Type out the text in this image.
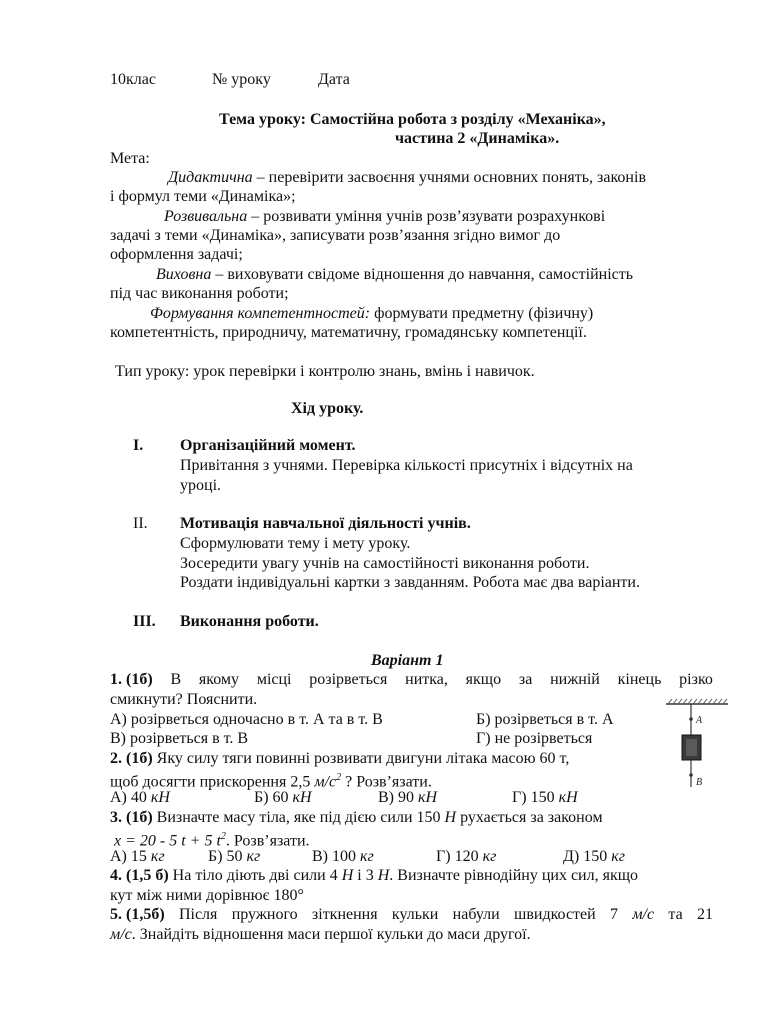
10клас	№ уроку	Дата
Тема уроку: Самостійна робота з розділу «Механіка»,
частина 2 «Динаміка».
Мета:
Дидактична – перевірити засвоєння учнями основних понять, законів
і формул теми «Динаміка»;
Розвивальна – розвивати уміння учнів розв’язувати розрахункові
задачі з теми «Динаміка», записувати розв’язання згідно вимог до
оформлення задачі;
Виховна – виховувати свідоме відношення до навчання, самостійність
під час виконання роботи;
Формування компетентностей: формувати предметну (фізичну)
компетентність, природничу, математичну, громадянську компетенції.
Тип уроку: урок перевірки і контролю знань, вмінь і навичок.
Хід уроку.
I. Організаційний момент.
Привітання з учнями. Перевірка кількості присутніх і відсутніх на
уроці.
II. Мотивація навчальної діяльності учнів.
Сформулювати тему і мету уроку.
Зосередити увагу учнів на самостійності виконання роботи.
Роздати індивідуальні картки з завданням. Робота має два варіанти.
III. Виконання роботи.
Варіант 1
1. (1б) В якому місці розірветься нитка, якщо за нижній кінець різко
смикнути? Пояснити.
А) розірветься одночасно в т. А та в т. В	Б) розірветься в т. А
В) розірветься в т. В	Г) не розірветься
A
B
2. (1б) Яку силу тяги повинні розвивати двигуни літака масою 60 т,
щоб досягти прискорення 2,5 $м/с^2$ ? Розв’язати.
А) 40 кН	Б) 60 кН	В) 90 кН	Г) 150 кН
3. (1б) Визначте масу тіла, яке під дією сили 150 Н рухається за законом
x = 20 - 5 t + 5 $t^2$. Розв’язати.
А) 15 кг	Б) 50 кг	В) 100 кг	Г) 120 кг	Д) 150 кг
4. (1,5 б) На тіло діють дві сили 4 Н і 3 Н. Визначте рівнодійну цих сил, якщо
кут між ними дорівнює 180°
5. (1,5б) Після пружного зіткнення кульки набули швидкостей 7 м/с та 21
м/с. Знайдіть відношення маси першої кульки до маси другої.
